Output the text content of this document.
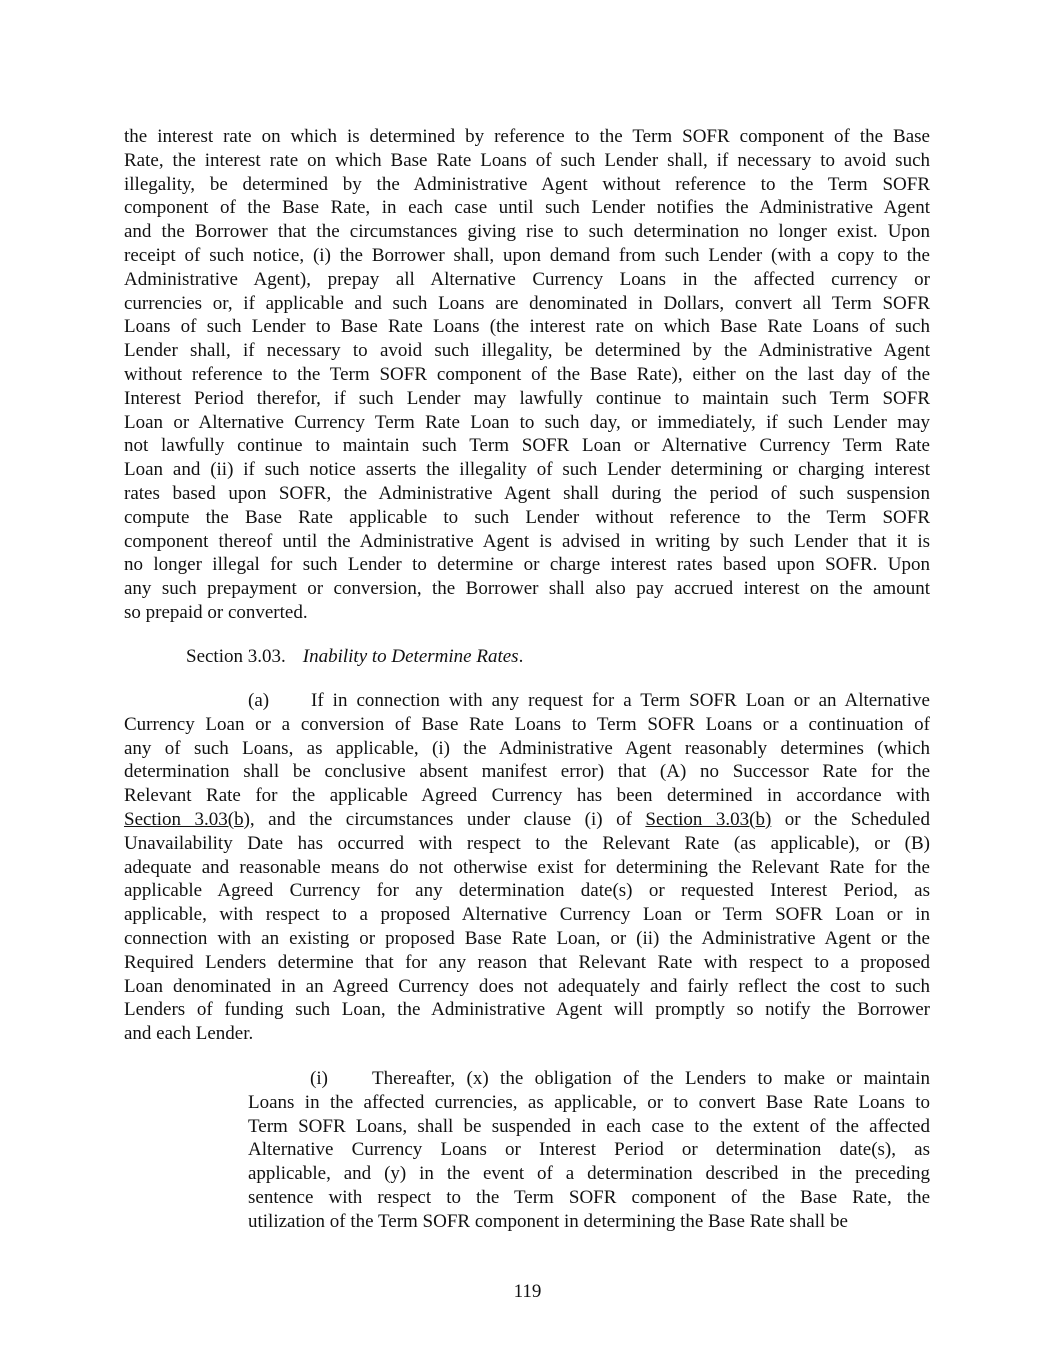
the interest rate on which is determined by reference to the Term SOFR component of the Base
Rate, the interest rate on which Base Rate Loans of such Lender shall, if necessary to avoid such
illegality, be determined by the Administrative Agent without reference to the Term SOFR
component of the Base Rate, in each case until such Lender notifies the Administrative Agent
and the Borrower that the circumstances giving rise to such determination no longer exist. Upon
receipt of such notice, (i) the Borrower shall, upon demand from such Lender (with a copy to the
Administrative Agent), prepay all Alternative Currency Loans in the affected currency or
currencies or, if applicable and such Loans are denominated in Dollars, convert all Term SOFR
Loans of such Lender to Base Rate Loans (the interest rate on which Base Rate Loans of such
Lender shall, if necessary to avoid such illegality, be determined by the Administrative Agent
without reference to the Term SOFR component of the Base Rate), either on the last day of the
Interest Period therefor, if such Lender may lawfully continue to maintain such Term SOFR
Loan or Alternative Currency Term Rate Loan to such day, or immediately, if such Lender may
not lawfully continue to maintain such Term SOFR Loan or Alternative Currency Term Rate
Loan and (ii) if such notice asserts the illegality of such Lender determining or charging interest
rates based upon SOFR, the Administrative Agent shall during the period of such suspension
compute the Base Rate applicable to such Lender without reference to the Term SOFR
component thereof until the Administrative Agent is advised in writing by such Lender that it is
no longer illegal for such Lender to determine or charge interest rates based upon SOFR. Upon
any such prepayment or conversion, the Borrower shall also pay accrued interest on the amount
so prepaid or converted.
Section 3.03. Inability to Determine Rates.
(a) If in connection with any request for a Term SOFR Loan or an Alternative
Currency Loan or a conversion of Base Rate Loans to Term SOFR Loans or a continuation of
any of such Loans, as applicable, (i) the Administrative Agent reasonably determines (which
determination shall be conclusive absent manifest error) that (A) no Successor Rate for the
Relevant Rate for the applicable Agreed Currency has been determined in accordance with
Section 3.03(b), and the circumstances under clause (i) of Section 3.03(b) or the Scheduled
Unavailability Date has occurred with respect to the Relevant Rate (as applicable), or (B)
adequate and reasonable means do not otherwise exist for determining the Relevant Rate for the
applicable Agreed Currency for any determination date(s) or requested Interest Period, as
applicable, with respect to a proposed Alternative Currency Loan or Term SOFR Loan or in
connection with an existing or proposed Base Rate Loan, or (ii) the Administrative Agent or the
Required Lenders determine that for any reason that Relevant Rate with respect to a proposed
Loan denominated in an Agreed Currency does not adequately and fairly reflect the cost to such
Lenders of funding such Loan, the Administrative Agent will promptly so notify the Borrower
and each Lender.
(i) Thereafter, (x) the obligation of the Lenders to make or maintain
Loans in the affected currencies, as applicable, or to convert Base Rate Loans to
Term SOFR Loans, shall be suspended in each case to the extent of the affected
Alternative Currency Loans or Interest Period or determination date(s), as
applicable, and (y) in the event of a determination described in the preceding
sentence with respect to the Term SOFR component of the Base Rate, the
utilization of the Term SOFR component in determining the Base Rate shall be
119
